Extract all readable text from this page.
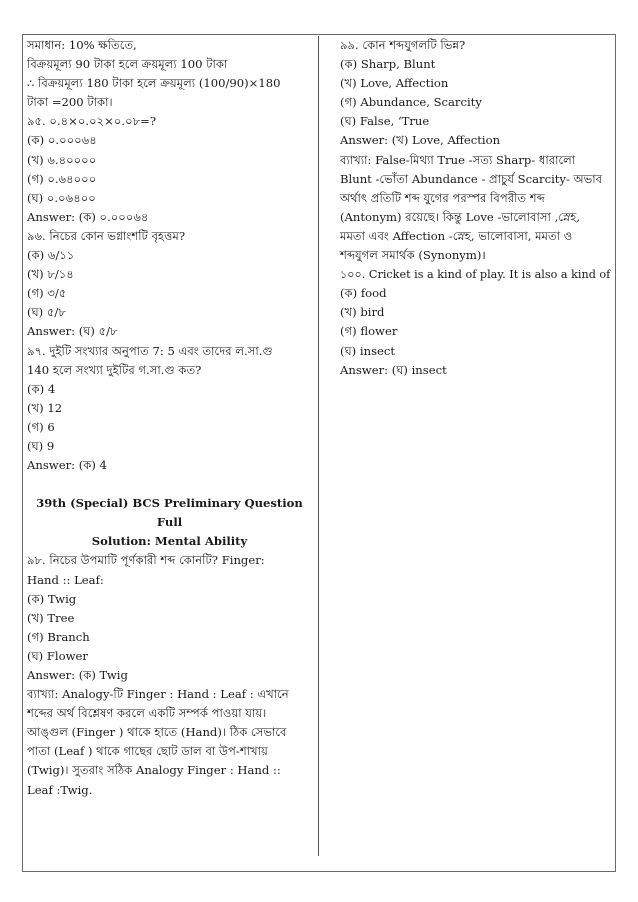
সমাধান: 10% ক্ষতিতে,
বিক্রয়মূল্য 90 টাকা হলে ক্রয়মূল্য 100 টাকা
∴ বিক্রয়মূল্য 180 টাকা হলে ক্রয়মূল্য (100/90)×180
টাকা =200 টাকা।
৯৫. ০.৪×০.০২×০.০৮=?
(ক) ০.০০০৬৪
(খ) ৬.৪০০০০
(গ) ০.৬৪০০০
(ঘ) ০.০৬৪০০
Answer: (ক) ০.০০০৬৪
৯৬. নিচের কোন ভগ্নাংশটি বৃহত্তম?
(ক) ৬/১১
(খ) ৮/১৪
(গ) ৩/৫
(ঘ) ৫/৮
Answer: (ঘ) ৫/৮
৯৭. দুইটি সংখ্যার অনুপাত 7: 5 এবং তাদের ল.সা.গু
140 হলে সংখ্যা দুইটির গ.সা.গু কত?
(ক) 4
(খ) 12
(গ) 6
(ঘ) 9
Answer: (ক) 4
39th (Special) BCS Preliminary Question Full
Solution: Mental Ability
৯৮. নিচের উপমাটি পূর্ণকারী শব্দ কোনটি? Finger:
Hand :: Leaf:
(ক) Twig
(খ) Tree
(গ) Branch
(ঘ) Flower
Answer: (ক) Twig
ব্যাখ্যা: Analogy-টি Finger : Hand : Leaf : এখানে
শব্দের অর্থ বিশ্লেষণ করলে একটি সম্পর্ক পাওয়া যায়।
আঙ্গুল (Finger ) থাকে হাতে (Hand)। ঠিক সেভাবে
পাতা (Leaf ) থাকে গাছের ছোট ডাল বা উপ-শাখায়
(Twig)। সুতরাং সঠিক Analogy Finger : Hand ::
Leaf :Twig.
৯৯. কোন শব্দযুগলটি ভিন্ন?
(ক) Sharp, Blunt
(খ) Love, Affection
(গ) Abundance, Scarcity
(ঘ) False, ‘True
Answer: (খ) Love, Affection
ব্যাখ্যা: False-মিথ্যা True -সত্য Sharp- ধারালো
Blunt -ভোঁতা Abundance - প্রাচুর্য Scarcity- অভাব
অর্থাৎ প্রতিটি শব্দ যুগের পরস্পর বিপরীত শব্দ
(Antonym) রয়েছে। কিন্তু Love -ভালোবাসা ,স্নেহ,
মমতা এবং Affection -স্নেহ, ভালোবাসা, মমতা ও
শব্দযুগল সমার্থক (Synonym)।
১০০. Cricket is a kind of play. It is also a kind of
(ক) food
(খ) bird
(গ) flower
(ঘ) insect
Answer: (ঘ) insect
